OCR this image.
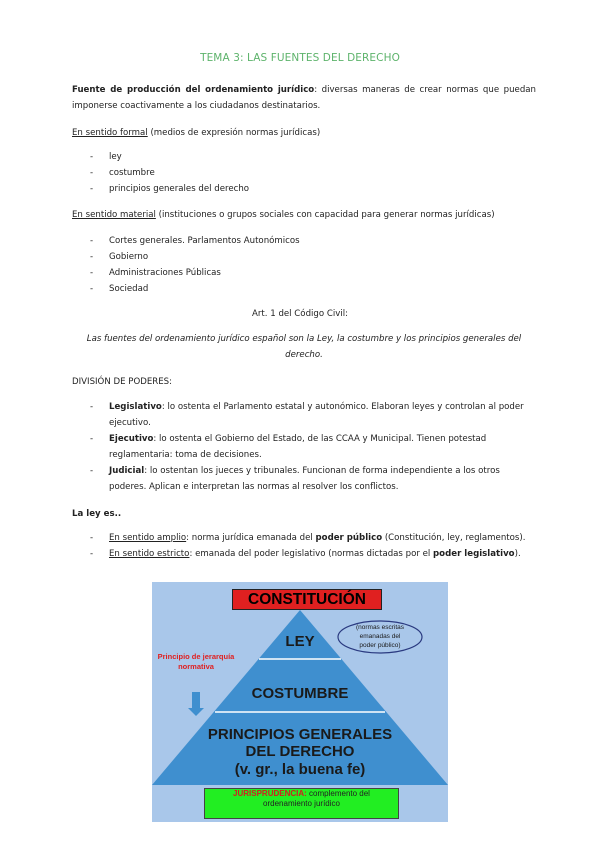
TEMA 3: LAS FUENTES DEL DERECHO
Fuente de producción del ordenamiento jurídico: diversas maneras de crear normas que puedan imponerse coactivamente a los ciudadanos destinatarios.
En sentido formal (medios de expresión normas jurídicas)
- ley
- costumbre
- principios generales del derecho
En sentido material (instituciones o grupos sociales con capacidad para generar normas jurídicas)
- Cortes generales. Parlamentos Autonómicos
- Gobierno
- Administraciones Públicas
- Sociedad
Art. 1 del Código Civil:
Las fuentes del ordenamiento jurídico español son la Ley, la costumbre y los principios generales del derecho.
DIVISIÓN DE PODERES:
- Legislativo: lo ostenta el Parlamento estatal y autonómico. Elaboran leyes y controlan al poder ejecutivo.
- Ejecutivo: lo ostenta el Gobierno del Estado, de las CCAA y Municipal. Tienen potestad reglamentaria: toma de decisiones.
- Judicial: lo ostentan los jueces y tribunales. Funcionan de forma independiente a los otros poderes. Aplican e interpretan las normas al resolver los conflictos.
La ley es..
- En sentido amplio: norma jurídica emanada del poder público (Constitución, ley, reglamentos).
- En sentido estricto: emanada del poder legislativo (normas dictadas por el poder legislativo).
LEY
COSTUMBRE
PRINCIPIOS GENERALES
DEL DERECHO
(v. gr., la buena fe)
(normas escritas
emanadas del
poder público)
Principio de jerarquía
normativa
CONSTITUCIÓN
JURISPRUDENCIA: complemento del
ordenamiento jurídico
